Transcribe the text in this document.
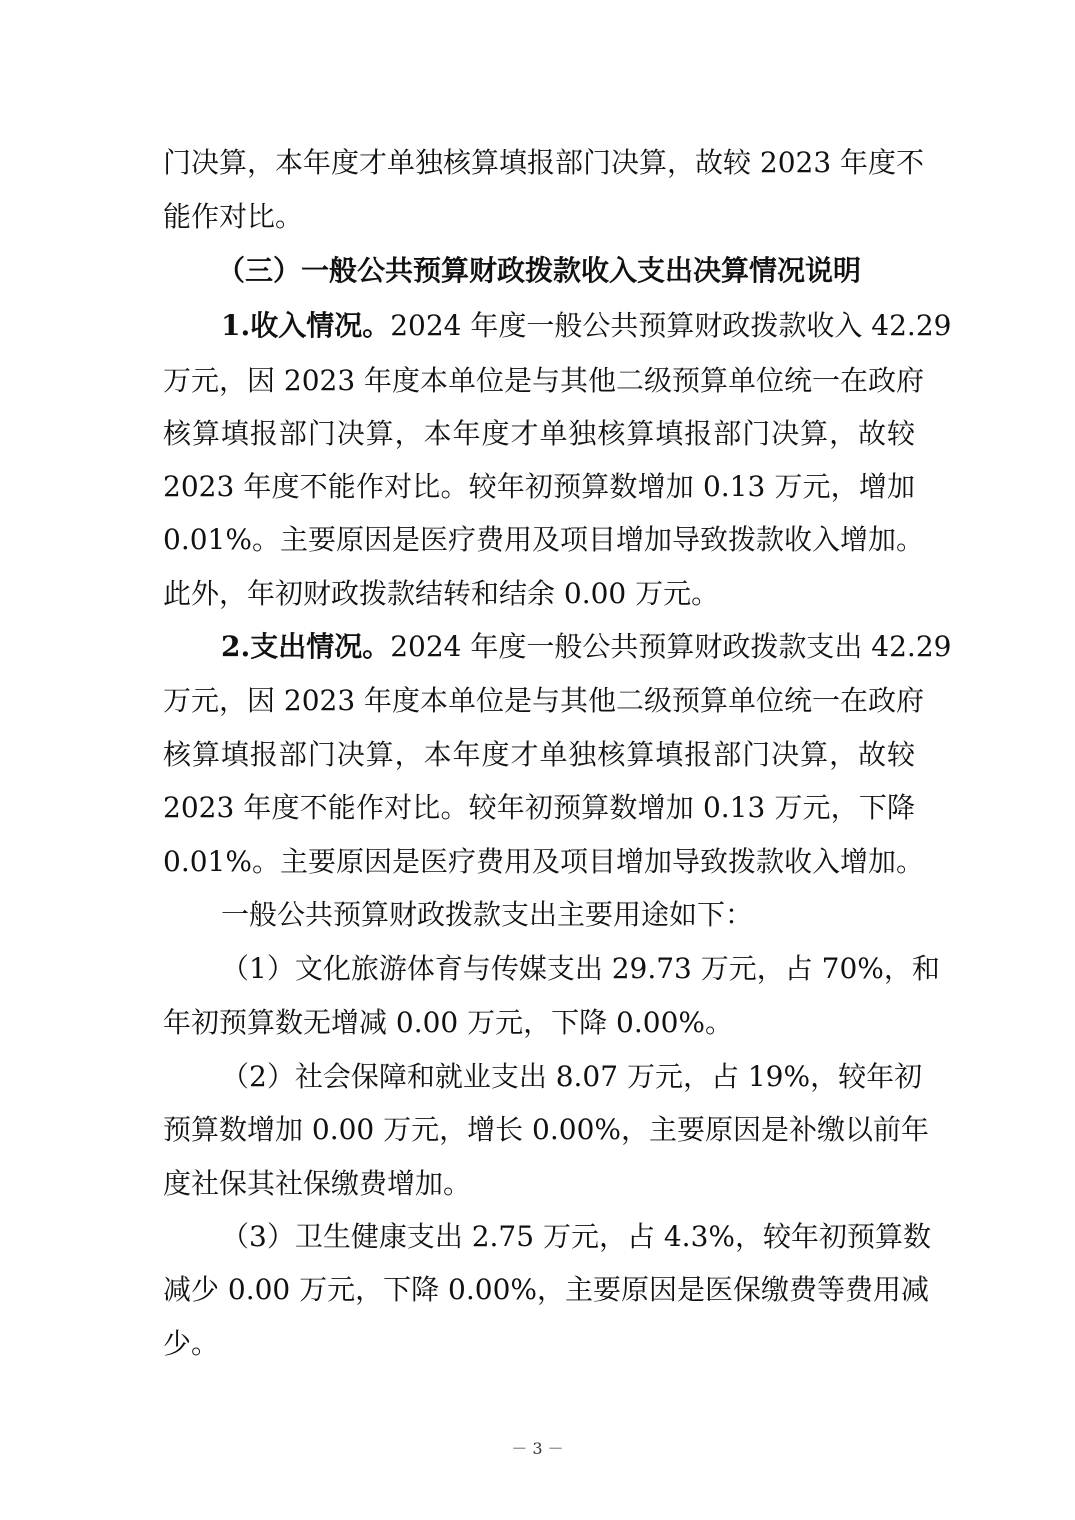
门决算，本年度才单独核算填报部门决算，故较 2023 年度不
能作对比。
（三）一般公共预算财政拨款收入支出决算情况说明
1.收入情况。2024 年度一般公共预算财政拨款收入 42.29
万元，因 2023 年度本单位是与其他二级预算单位统一在政府
核算填报部门决算，本年度才单独核算填报部门决算，故较
2023 年度不能作对比。较年初预算数增加 0.13 万元，增加
0.01%。主要原因是医疗费用及项目增加导致拨款收入增加。
此外，年初财政拨款结转和结余 0.00 万元。
2.支出情况。2024 年度一般公共预算财政拨款支出 42.29
万元，因 2023 年度本单位是与其他二级预算单位统一在政府
核算填报部门决算，本年度才单独核算填报部门决算，故较
2023 年度不能作对比。较年初预算数增加 0.13 万元，下降
0.01%。主要原因是医疗费用及项目增加导致拨款收入增加。
一般公共预算财政拨款支出主要用途如下：
（1）文化旅游体育与传媒支出 29.73 万元，占 70%，和
年初预算数无增减 0.00 万元，下降 0.00%。
（2）社会保障和就业支出 8.07 万元，占 19%，较年初
预算数增加 0.00 万元，增长 0.00%，主要原因是补缴以前年
度社保其社保缴费增加。
（3）卫生健康支出 2.75 万元，占 4.3%，较年初预算数
减少 0.00 万元，下降 0.00%，主要原因是医保缴费等费用减
少。
－ 3 －
